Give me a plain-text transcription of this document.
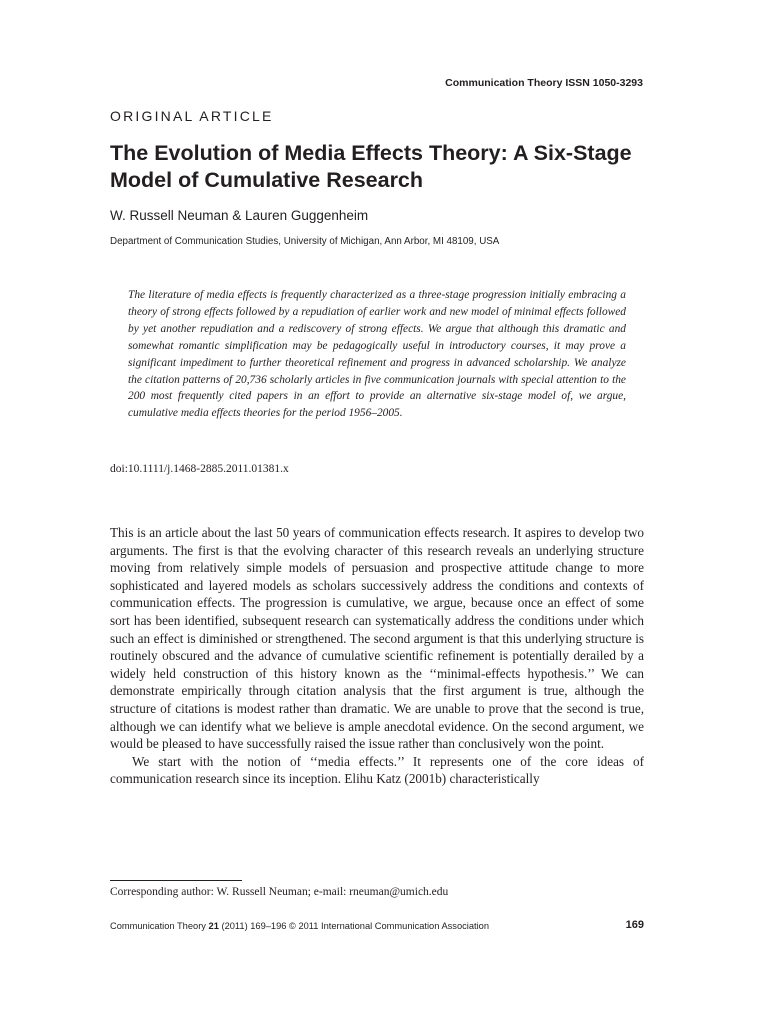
Communication Theory ISSN 1050-3293
ORIGINAL ARTICLE
The Evolution of Media Effects Theory: A Six-Stage Model of Cumulative Research
W. Russell Neuman & Lauren Guggenheim
Department of Communication Studies, University of Michigan, Ann Arbor, MI 48109, USA

The literature of media effects is frequently characterized as a three-stage progression initially embracing a theory of strong effects followed by a repudiation of earlier work and new model of minimal effects followed by yet another repudiation and a rediscovery of strong effects. We argue that although this dramatic and somewhat romantic simplification may be pedagogically useful in introductory courses, it may prove a significant impediment to further theoretical refinement and progress in advanced scholarship. We analyze the citation patterns of 20,736 scholarly articles in five communication journals with special attention to the 200 most frequently cited papers in an effort to provide an alternative six-stage model of, we argue, cumulative media effects theories for the period 1956–2005.

doi:10.1111/j.1468-2885.2011.01381.x

This is an article about the last 50 years of communication effects research. It aspires to develop two arguments. The first is that the evolving character of this research reveals an underlying structure moving from relatively simple models of persuasion and prospective attitude change to more sophisticated and layered models as scholars successively address the conditions and contexts of communication effects. The progression is cumulative, we argue, because once an effect of some sort has been identified, subsequent research can systematically address the conditions under which such an effect is diminished or strengthened. The second argument is that this underlying structure is routinely obscured and the advance of cumulative scientific refinement is potentially derailed by a widely held construction of this history known as the ‘‘minimal-effects hypothesis.’’ We can demonstrate empirically through citation analysis that the first argument is true, although the structure of citations is modest rather than dramatic. We are unable to prove that the second is true, although we can identify what we believe is ample anecdotal evidence. On the second argument, we would be pleased to have successfully raised the issue rather than conclusively won the point.

We start with the notion of ‘‘media effects.’’ It represents one of the core ideas of communication research since its inception. Elihu Katz (2001b) characteristically

Corresponding author: W. Russell Neuman; e-mail: rneuman@umich.edu
Communication Theory 21 (2011) 169–196 © 2011 International Communication Association	169
